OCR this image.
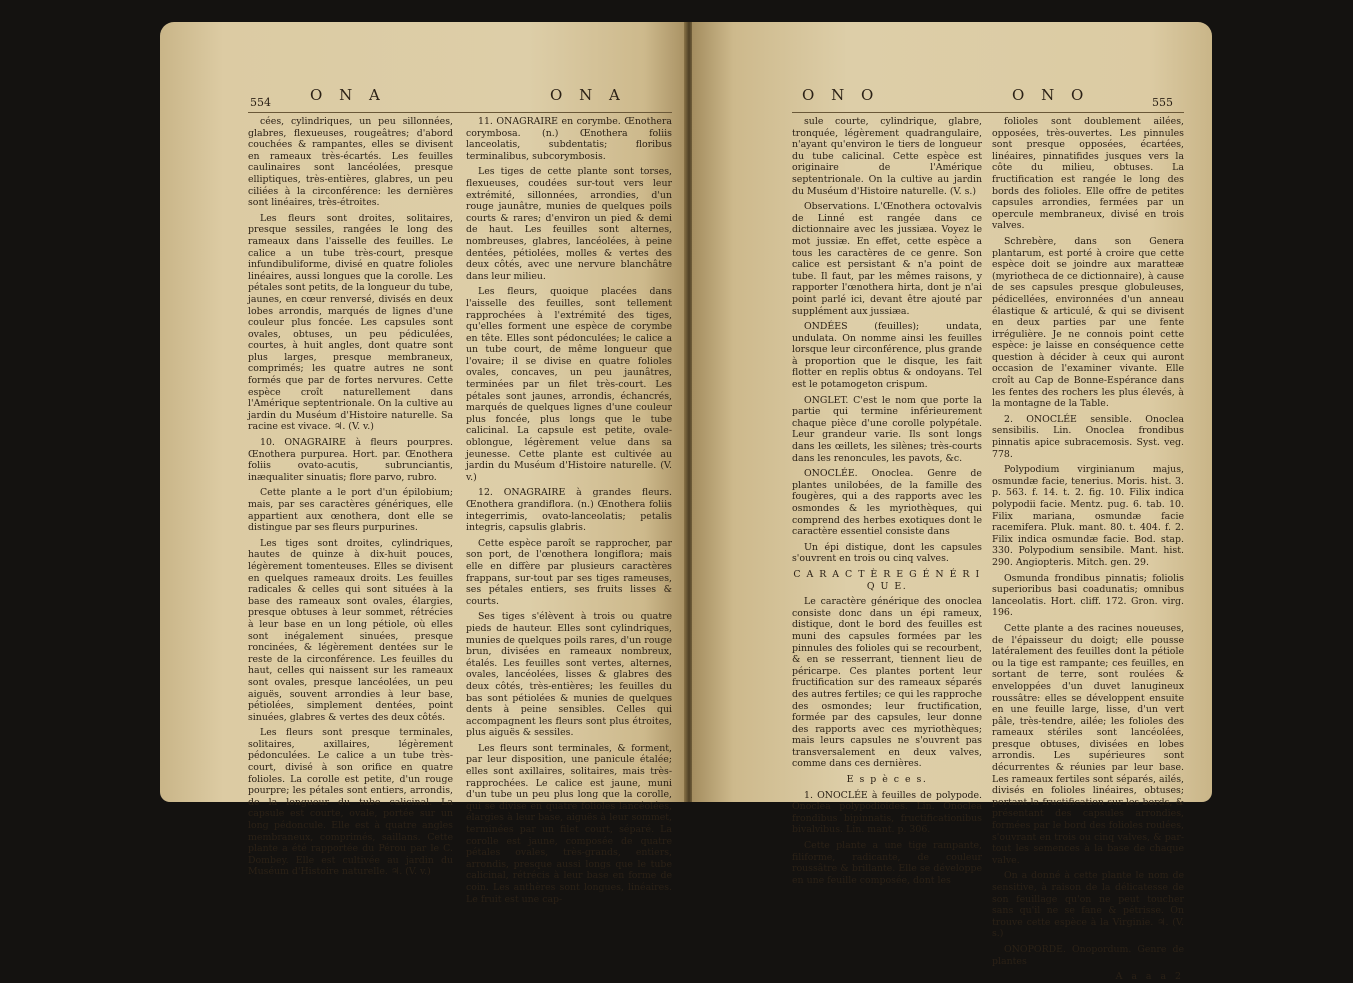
554	O N A	O N A

cées, cylindriques, un peu sillonnées, glabres, flexueuses, rougeâtres; d'abord couchées & rampantes, elles se divisent en rameaux très-écartés. Les feuilles caulinaires sont lancéolées, presque elliptiques, très-entières, glabres, un peu ciliées à la circonférence: les dernières sont linéaires, très-étroites.

Les fleurs sont droites, solitaires, presque sessiles, rangées le long des rameaux dans l'aisselle des feuilles. Le calice a un tube très-court, presque infundibuliforme, divisé en quatre folioles linéaires, aussi longues que la corolle. Les pétales sont petits, de la longueur du tube, jaunes, en cœur renversé, divisés en deux lobes arrondis, marqués de lignes d'une couleur plus foncée. Les capsules sont ovales, obtuses, un peu pédiculées, courtes, à huit angles, dont quatre sont plus larges, presque membraneux, comprimés; les quatre autres ne sont formés que par de fortes nervures. Cette espèce croît naturellement dans l'Amérique septentrionale. On la cultive au jardin du Muséum d'Histoire naturelle. Sa racine est vivace. ♃. (V. v.)

10. ONAGRAIRE à fleurs pourpres. Œnothera purpurea. Hort. par. Œnothera foliis ovato-acutis, subrunciantis, inæqualiter sinuatis; flore parvo, rubro.

Cette plante a le port d'un épilobium; mais, par ses caractères génériques, elle appartient aux œnothera, dont elle se distingue par ses fleurs purpurines.

Les tiges sont droites, cylindriques, hautes de quinze à dix-huit pouces, légèrement tomenteuses. Elles se divisent en quelques rameaux droits. Les feuilles radicales & celles qui sont situées à la base des rameaux sont ovales, élargies, presque obtuses à leur sommet, rétrécies à leur base en un long pétiole, où elles sont inégalement sinuées, presque roncinées, & légèrement dentées sur le reste de la circonférence. Les feuilles du haut, celles qui naissent sur les rameaux sont ovales, presque lancéolées, un peu aiguës, souvent arrondies à leur base, pétiolées, simplement dentées, point sinuées, glabres & vertes des deux côtés.

Les fleurs sont presque terminales, solitaires, axillaires, légèrement pédonculées. Le calice a un tube très-court, divisé à son orifice en quatre folioles. La corolle est petite, d'un rouge pourpre; les pétales sont entiers, arrondis, de la longueur du tube calicinal. La capsule est courte, ovale, portée sur un long pédoncule. Elle est à quatre angles membraneux, comprimés, saillans. Cette plante a été rapportée du Pérou par le C. Dombey. Elle est cultivée au jardin du Muséum d'Histoire naturelle. ♃. (V. v.)

11. ONAGRAIRE en corymbe. Œnothera corymbosa. (n.) Œnothera foliis lanceolatis, subdentatis; floribus terminalibus, subcorymbosis.

Les tiges de cette plante sont torses, flexueuses, coudées sur-tout vers leur extrémité, sillonnées, arrondies, d'un rouge jaunâtre, munies de quelques poils courts & rares; d'environ un pied & demi de haut. Les feuilles sont alternes, nombreuses, glabres, lancéolées, à peine dentées, pétiolées, molles & vertes des deux côtés, avec une nervure blanchâtre dans leur milieu.

Les fleurs, quoique placées dans l'aisselle des feuilles, sont tellement rapprochées à l'extrémité des tiges, qu'elles forment une espèce de corymbe en tête. Elles sont pédonculées; le calice a un tube court, de même longueur que l'ovaire; il se divise en quatre folioles ovales, concaves, un peu jaunâtres, terminées par un filet très-court. Les pétales sont jaunes, arrondis, échancrés, marqués de quelques lignes d'une couleur plus foncée, plus longs que le tube calicinal. La capsule est petite, ovale-oblongue, légèrement velue dans sa jeunesse. Cette plante est cultivée au jardin du Muséum d'Histoire naturelle. (V. v.)

12. ONAGRAIRE à grandes fleurs. Œnothera grandiflora. (n.) Œnothera foliis integerrimis, ovato-lanceolatis; petalis integris, capsulis glabris.

Cette espèce paroît se rapprocher, par son port, de l'œnothera longiflora; mais elle en diffère par plusieurs caractères frappans, sur-tout par ses tiges rameuses, ses pétales entiers, ses fruits lisses & courts.

Ses tiges s'élèvent à trois ou quatre pieds de hauteur. Elles sont cylindriques, munies de quelques poils rares, d'un rouge brun, divisées en rameaux nombreux, étalés. Les feuilles sont vertes, alternes, ovales, lancéolées, lisses & glabres des deux côtés, très-entières; les feuilles du bas sont pétiolées & munies de quelques dents à peine sensibles. Celles qui accompagnent les fleurs sont plus étroites, plus aiguës & sessiles.

Les fleurs sont terminales, & forment, par leur disposition, une panicule étalée; elles sont axillaires, solitaires, mais très-rapprochées. Le calice est jaune, muni d'un tube un peu plus long que la corolle, qui se divise en quatre folioles lancéolées, élargies à leur base, aiguës à leur sommet, terminées par un filet court, séparé. La corolle est jaune, composée de quatre pétales ovales, très-grands, entiers, arrondis, presque aussi longs que le tube calicinal, rétrécis à leur base en forme de coin. Les anthères sont longues, linéaires. Le fruit est une cap-

O N O	O N O	555

sule courte, cylindrique, glabre, tronquée, légèrement quadrangulaire, n'ayant qu'environ le tiers de longueur du tube calicinal. Cette espèce est originaire de l'Amérique septentrionale. On la cultive au jardin du Muséum d'Histoire naturelle. (V. s.)

Observations. L'Œnothera octovalvis de Linné est rangée dans ce dictionnaire avec les jussiæa. Voyez le mot jussiæ. En effet, cette espèce a tous les caractères de ce genre. Son calice est persistant & n'a point de tube. Il faut, par les mêmes raisons, y rapporter l'œnothera hirta, dont je n'ai point parlé ici, devant être ajouté par supplément aux jussiæa.

ONDÉES (feuilles); undata, undulata. On nomme ainsi les feuilles lorsque leur circonférence, plus grande à proportion que le disque, les fait flotter en replis obtus & ondoyans. Tel est le potamogeton crispum.

ONGLET. C'est le nom que porte la partie qui termine inférieurement chaque pièce d'une corolle polypétale. Leur grandeur varie. Ils sont longs dans les œillets, les silènes; très-courts dans les renoncules, les pavots, &c.

ONOCLÉE. Onoclea. Genre de plantes unilobées, de la famille des fougères, qui a des rapports avec les osmondes & les myriothèques, qui comprend des herbes exotiques dont le caractère essentiel consiste dans

Un épi distique, dont les capsules s'ouvrent en trois ou cinq valves.

C A R A C T È R E G É N É R I Q U E.

Le caractère générique des onoclea consiste donc dans un épi rameux, distique, dont le bord des feuilles est muni des capsules formées par les pinnules des folioles qui se recourbent, & en se resserrant, tiennent lieu de péricarpe. Ces plantes portent leur fructification sur des rameaux séparés des autres fertiles; ce qui les rapproche des osmondes; leur fructification, formée par des capsules, leur donne des rapports avec ces myriothèques; mais leurs capsules ne s'ouvrent pas transversalement en deux valves, comme dans ces dernières.

E s p è c e s.

1. ONOCLÉE à feuilles de polypode. Onoclea polypodioides. Lin. Onoclea frondibus bipinnatis, fructificationibus bivalvibus. Lin. mant. p. 306.

Cette plante a une tige rampante, filiforme, radicante, de couleur roussâtre & brillante. Elle se développe en une feuille composée, dont les

folioles sont doublement ailées, opposées, très-ouvertes. Les pinnules sont presque opposées, écartées, linéaires, pinnatifides jusques vers la côte du milieu, obtuses. La fructification est rangée le long des bords des folioles. Elle offre de petites capsules arrondies, fermées par un opercule membraneux, divisé en trois valves.

Schrebère, dans son Genera plantarum, est porté à croire que cette espèce doit se joindre aux maratteæ (myriotheca de ce dictionnaire), à cause de ses capsules presque globuleuses, pédicellées, environnées d'un anneau élastique & articulé, & qui se divisent en deux parties par une fente irrégulière. Je ne connois point cette espèce: je laisse en conséquence cette question à décider à ceux qui auront occasion de l'examiner vivante. Elle croît au Cap de Bonne-Espérance dans les fentes des rochers les plus élevés, à la montagne de la Table.

2. ONOCLÉE sensible. Onoclea sensibilis. Lin. Onoclea frondibus pinnatis apice subracemosis. Syst. veg. 778.

Polypodium virginianum majus, osmundæ facie, tenerius. Moris. hist. 3. p. 563. f. 14. t. 2. fig. 10. Filix indica polypodii facie. Mentz. pug. 6. tab. 10. Filix mariana, osmundæ facie racemifera. Pluk. mant. 80. t. 404. f. 2. Filix indica osmundæ facie. Bod. stap. 330. Polypodium sensibile. Mant. hist. 290. Angiopteris. Mitch. gen. 29.

Osmunda frondibus pinnatis; foliolis superioribus basi coadunatis; omnibus lanceolatis. Hort. cliff. 172. Gron. virg. 196.

Cette plante a des racines noueuses, de l'épaisseur du doigt; elle pousse latéralement des feuilles dont la pétiole ou la tige est rampante; ces feuilles, en sortant de terre, sont roulées & enveloppées d'un duvet lanugineux roussâtre: elles se développent ensuite en une feuille large, lisse, d'un vert pâle, très-tendre, ailée; les folioles des rameaux stériles sont lancéolées, presque obtuses, divisées en lobes arrondis. Les supérieures sont décurrentes & réunies par leur base. Les rameaux fertiles sont séparés, ailés, divisés en folioles linéaires, obtuses; portant la fructification sur les bords, & présentant des capsules arrondies, formées par le bord des folioles roulées, s'ouvrant en trois ou cinq valves, & par-tout les semences à la base de chaque valve.

On a donné à cette plante le nom de sensitive, à raison de la délicatesse de son feuillage qu'on ne peut toucher sans qu'il ne se fane & pétrisse. On trouve cette espèce à la Virginie. ♃. (V. s.)

ONOPORDE. Onopordum. Genre de plantes

A a a a 2
